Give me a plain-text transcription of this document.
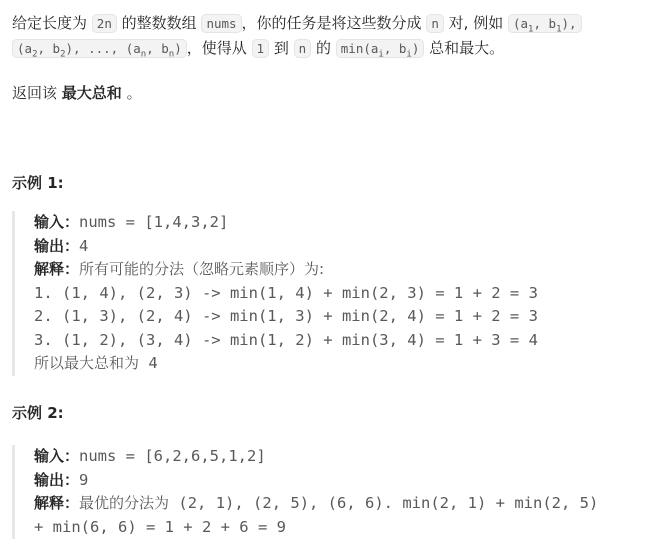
给定长度为 2n 的整数数组 nums ，你的任务是将这些数分成 n 对, 例如 ($a_1$, $b_1$),
($a_2$, $b_2$), ..., ($a_n$, $b_n$) ，使得从 1 到 n 的 $\min(a_i$, $b_i$) 总和最大。
返回该 最大总和 。
示例 1:
输入：nums = [1,4,3,2]
输出：4
解释：所有可能的分法（忽略元素顺序）为:
1. (1, 4), (2, 3) -> min(1, 4) + min(2, 3) = 1 + 2 = 3
2. (1, 3), (2, 4) -> min(1, 3) + min(2, 4) = 1 + 2 = 3
3. (1, 2), (3, 4) -> min(1, 2) + min(3, 4) = 1 + 3 = 4
所以最大总和为 4
示例 2:
输入：nums = [6,2,6,5,1,2]
输出：9
解释：最优的分法为 (2, 1), (2, 5), (6, 6). min(2, 1) + min(2, 5)
+ min(6, 6) = 1 + 2 + 6 = 9
